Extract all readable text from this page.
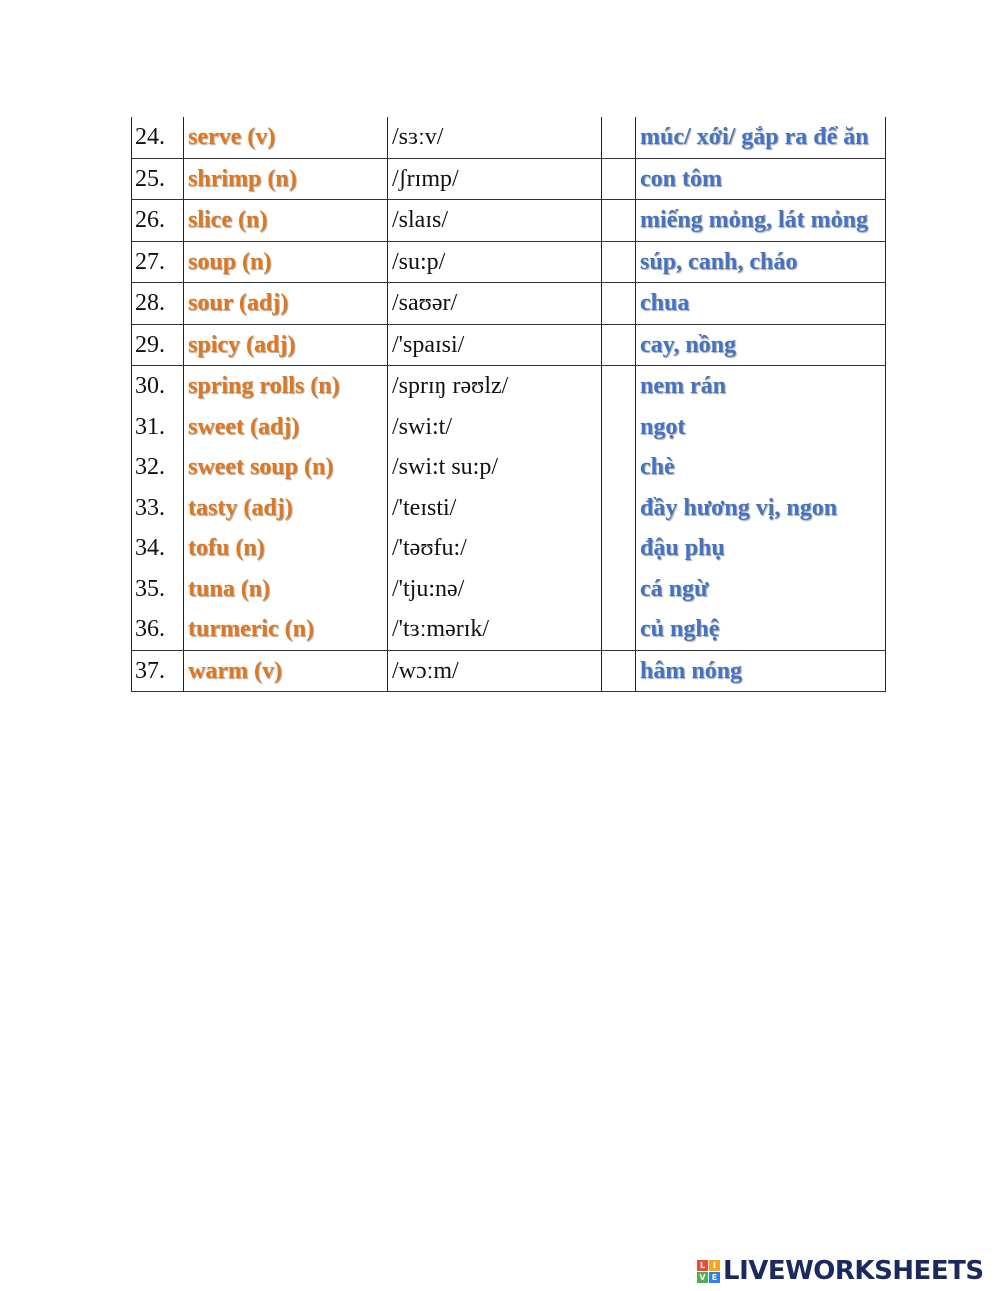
24.	serve (v)	/sɜːv/		múc/ xới/ gắp ra để ăn
25.	shrimp (n)	/ʃrɪmp/		con tôm
26.	slice (n)	/slaɪs/		miếng mỏng, lát mỏng
27.	soup (n)	/su:p/		súp, canh, cháo
28.	sour (adj)	/saʊər/		chua
29.	spicy (adj)	/'spaɪsi/		cay, nồng
30.	spring rolls (n)	/sprɪŋ rəʊlz/		nem rán
31.	sweet (adj)	/swi:t/		ngọt
32.	sweet soup (n)	/swi:t su:p/		chè
33.	tasty (adj)	/'teɪsti/		đầy hương vị, ngon
34.	tofu (n)	/'təʊfu:/		đậu phụ
35.	tuna (n)	/'tju:nə/		cá ngừ
36.	turmeric (n)	/'tɜːmərɪk/		củ nghệ
37.	warm (v)	/wɔːm/		hâm nóng
L I
V E LIVEWORKSHEETS
